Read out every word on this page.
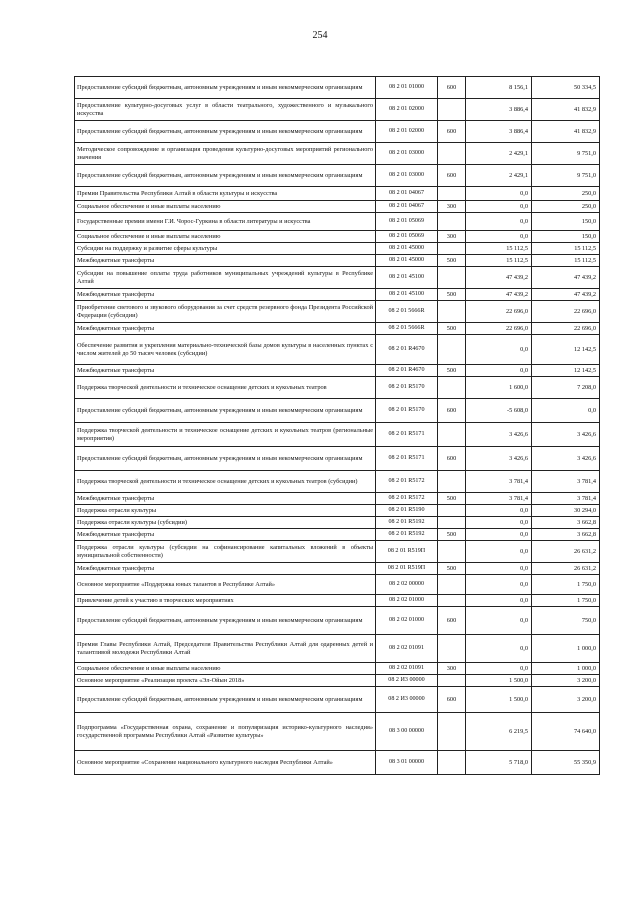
254
Предоставление субсидий бюджетным, автономным учреждениям и иным некоммерческим организациям	08 2 01 01000	600	8 156,1	50 334,5
Предоставление культурно-досуговых услуг в области театрального, художественного и музыкального искусства	08 2 01 02000		3 886,4	41 832,9
Предоставление субсидий бюджетным, автономным учреждениям и иным некоммерческим организациям	08 2 01 02000	600	3 886,4	41 832,9
Методическое сопровождение и организация проведения культурно-досуговых мероприятий регионального значения	08 2 01 03000		2 429,1	9 751,0
Предоставление субсидий бюджетным, автономным учреждениям и иным некоммерческим организациям	08 2 01 03000	600	2 429,1	9 751,0
Премии Правительства Республики Алтай в области культуры и искусства	08 2 01 04067		0,0	250,0
Социальное обеспечение и иные выплаты населению	08 2 01 04067	300	0,0	250,0
Государственные премии имени Г.И. Чорос-Гуркина в области литературы и искусства	08 2 01 05069		0,0	150,0
Социальное обеспечение и иные выплаты населению	08 2 01 05069	300	0,0	150,0
Субсидии на поддержку и развитие сферы культуры	08 2 01 45000		15 112,5	15 112,5
Межбюджетные трансферты	08 2 01 45000	500	15 112,5	15 112,5
Субсидии на повышение оплаты труда работников муниципальных учреждений культуры в Республике Алтай	08 2 01 45100		47 439,2	47 439,2
Межбюджетные трансферты	08 2 01 45100	500	47 439,2	47 439,2
Приобретение светового и звукового оборудования за счет средств резервного фонда Президента Российской Федерации (субсидии)	08 2 01 5666R		22 696,0	22 696,0
Межбюджетные трансферты	08 2 01 5666R	500	22 696,0	22 696,0
Обеспечение развития и укрепления материально-технической базы домов культуры в населенных пунктах с числом жителей до 50 тысяч человек (субсидии)	08 2 01 R4670		0,0	12 142,5
Межбюджетные трансферты	08 2 01 R4670	500	0,0	12 142,5
Поддержка творческой деятельности и техническое оснащение детских и кукольных театров	08 2 01 R5170		1 600,0	7 208,0
Предоставление субсидий бюджетным, автономным учреждениям и иным некоммерческим организациям	08 2 01 R5170	600	-5 608,0	0,0
Поддержка творческой деятельности и техническое оснащение детских и кукольных театров (региональные мероприятия)	08 2 01 R5171		3 426,6	3 426,6
Предоставление субсидий бюджетным, автономным учреждениям и иным некоммерческим организациям	08 2 01 R5171	600	3 426,6	3 426,6
Поддержка творческой деятельности и техническое оснащение детских и кукольных театров (субсидии)	08 2 01 R5172		3 781,4	3 781,4
Межбюджетные трансферты	08 2 01 R5172	500	3 781,4	3 781,4
Поддержка отрасли культуры	08 2 01 R5190		0,0	30 294,0
Поддержка отрасли культуры (субсидии)	08 2 01 R5192		0,0	3 662,8
Межбюджетные трансферты	08 2 01 R5192	500	0,0	3 662,8
Поддержка отрасли культуры (субсидии на софинансирование капитальных вложений в объекты муниципальной собственности)	08 2 01 R519П		0,0	26 631,2
Межбюджетные трансферты	08 2 01 R519П	500	0,0	26 631,2
Основное мероприятие «Поддержка юных талантов в Республике Алтай»	08 2 02 00000		0,0	1 750,0
Привлечение детей к участию в творческих мероприятиях	08 2 02 01000		0,0	1 750,0
Предоставление субсидий бюджетным, автономным учреждениям и иным некоммерческим организациям	08 2 02 01000	600	0,0	750,0
Премия Главы Республики Алтай, Председателя Правительства Республики Алтай для одаренных детей и талантливой молодежи Республики Алтай	08 2 02 01091		0,0	1 000,0
Социальное обеспечение и иные выплаты населению	08 2 02 01091	300	0,0	1 000,0
Основное мероприятие «Реализация проекта «Эл-Ойын 2018»	08 2 И3 00000		1 500,0	3 200,0
Предоставление субсидий бюджетным, автономным учреждениям и иным некоммерческим организациям	08 2 И3 00000	600	1 500,0	3 200,0
Подпрограмма «Государственная охрана, сохранение и популяризация историко-культурного наследия» государственной программы Республики Алтай «Развитие культуры»	08 3 00 00000		6 219,5	74 640,0
Основное мероприятие «Сохранение национального культурного наследия Республики Алтай»	08 3 01 00000		5 718,0	55 350,9
